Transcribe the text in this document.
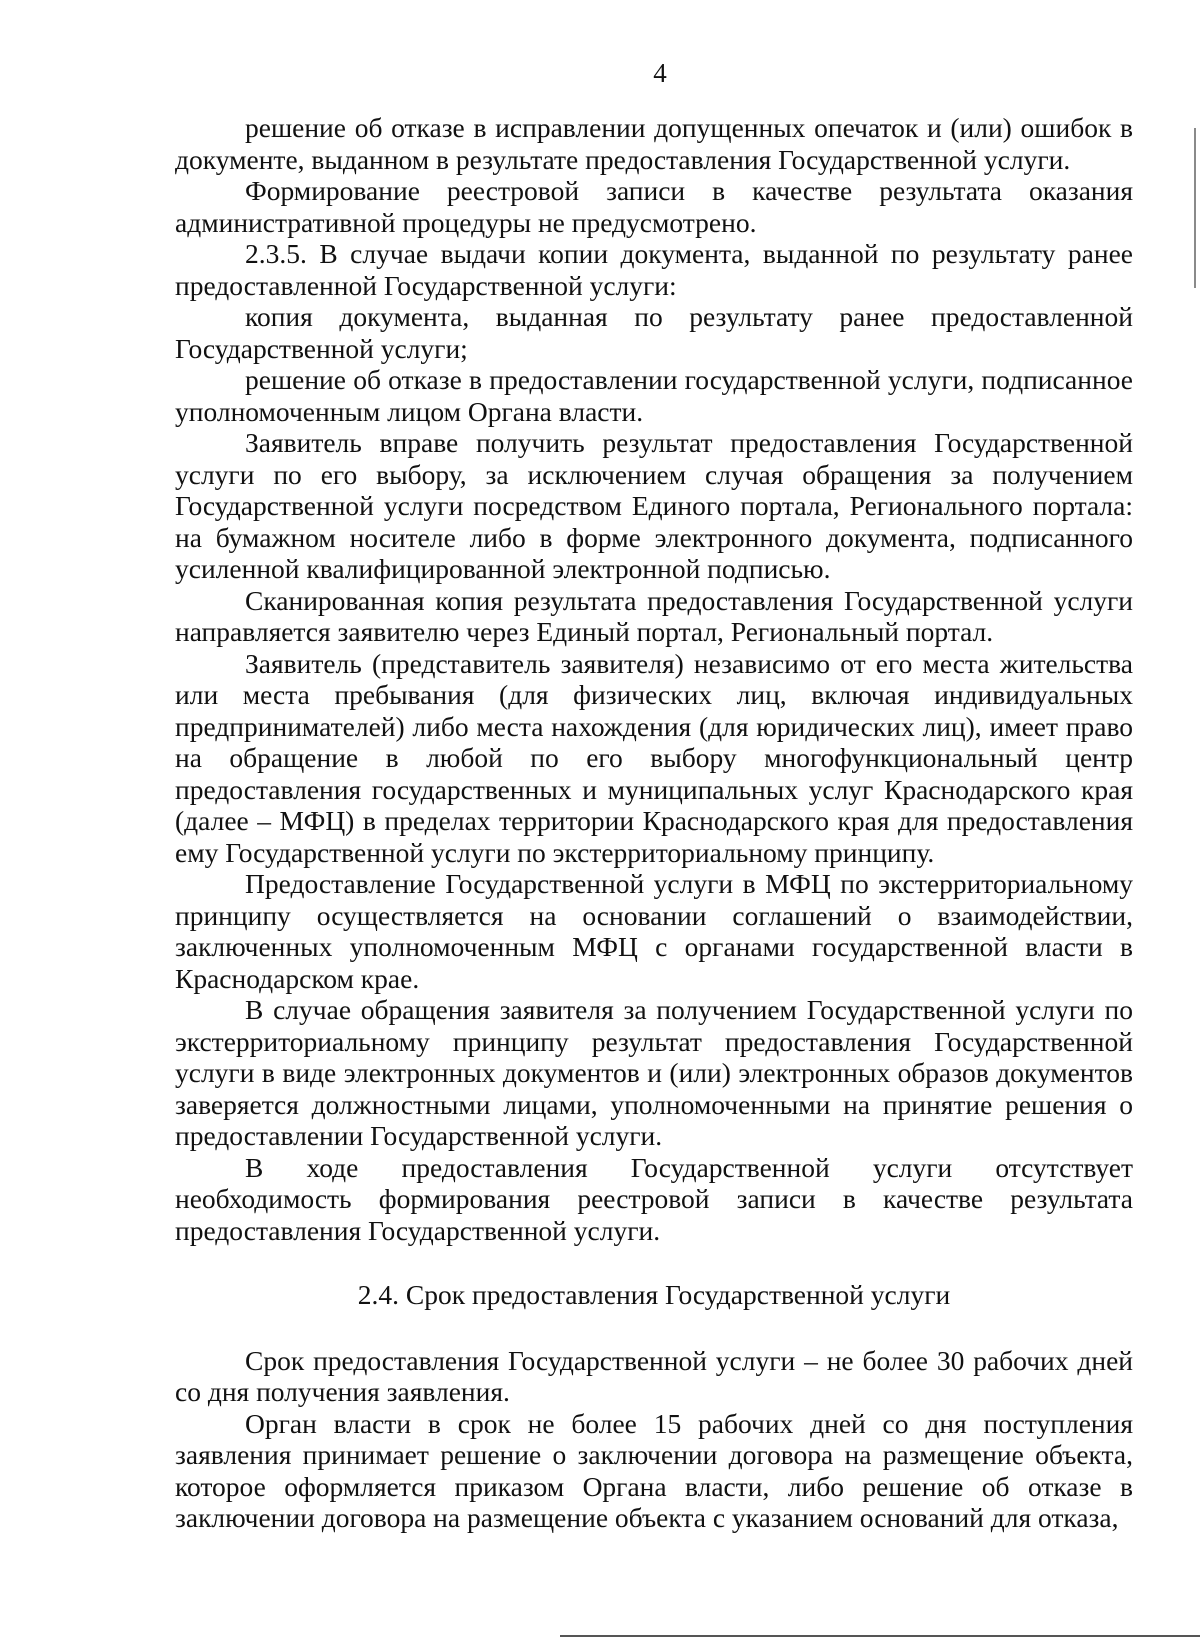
4

решение об отказе в исправлении допущенных опечаток и (или) ошибок в документе, выданном в результате предоставления Государственной услуги.

Формирование реестровой записи в качестве результата оказания административной процедуры не предусмотрено.

2.3.5. В случае выдачи копии документа, выданной по результату ранее предоставленной Государственной услуги:

копия документа, выданная по результату ранее предоставленной Государственной услуги;

решение об отказе в предоставлении государственной услуги, подписанное уполномоченным лицом Органа власти.

Заявитель вправе получить результат предоставления Государственной услуги по его выбору, за исключением случая обращения за получением Государственной услуги посредством Единого портала, Регионального портала: на бумажном носителе либо в форме электронного документа, подписанного усиленной квалифицированной электронной подписью.

Сканированная копия результата предоставления Государственной услуги направляется заявителю через Единый портал, Региональный портал.

Заявитель (представитель заявителя) независимо от его места жительства или места пребывания (для физических лиц, включая индивидуальных предпринимателей) либо места нахождения (для юридических лиц), имеет право на обращение в любой по его выбору многофункциональный центр предоставления государственных и муниципальных услуг Краснодарского края (далее – МФЦ) в пределах территории Краснодарского края для предоставления ему Государственной услуги по экстерриториальному принципу.

Предоставление Государственной услуги в МФЦ по экстерриториальному принципу осуществляется на основании соглашений о взаимодействии, заключенных уполномоченным МФЦ с органами государственной власти в Краснодарском крае.

В случае обращения заявителя за получением Государственной услуги по экстерриториальному принципу результат предоставления Государственной услуги в виде электронных документов и (или) электронных образов документов заверяется должностными лицами, уполномоченными на принятие решения о предоставлении Государственной услуги.

В ходе предоставления Государственной услуги отсутствует необходимость формирования реестровой записи в качестве результата предоставления Государственной услуги.

2.4. Срок предоставления Государственной услуги

Срок предоставления Государственной услуги – не более 30 рабочих дней со дня получения заявления.

Орган власти в срок не более 15 рабочих дней со дня поступления заявления принимает решение о заключении договора на размещение объекта, которое оформляется приказом Органа власти, либо решение об отказе в заключении договора на размещение объекта с указанием оснований для отказа,
